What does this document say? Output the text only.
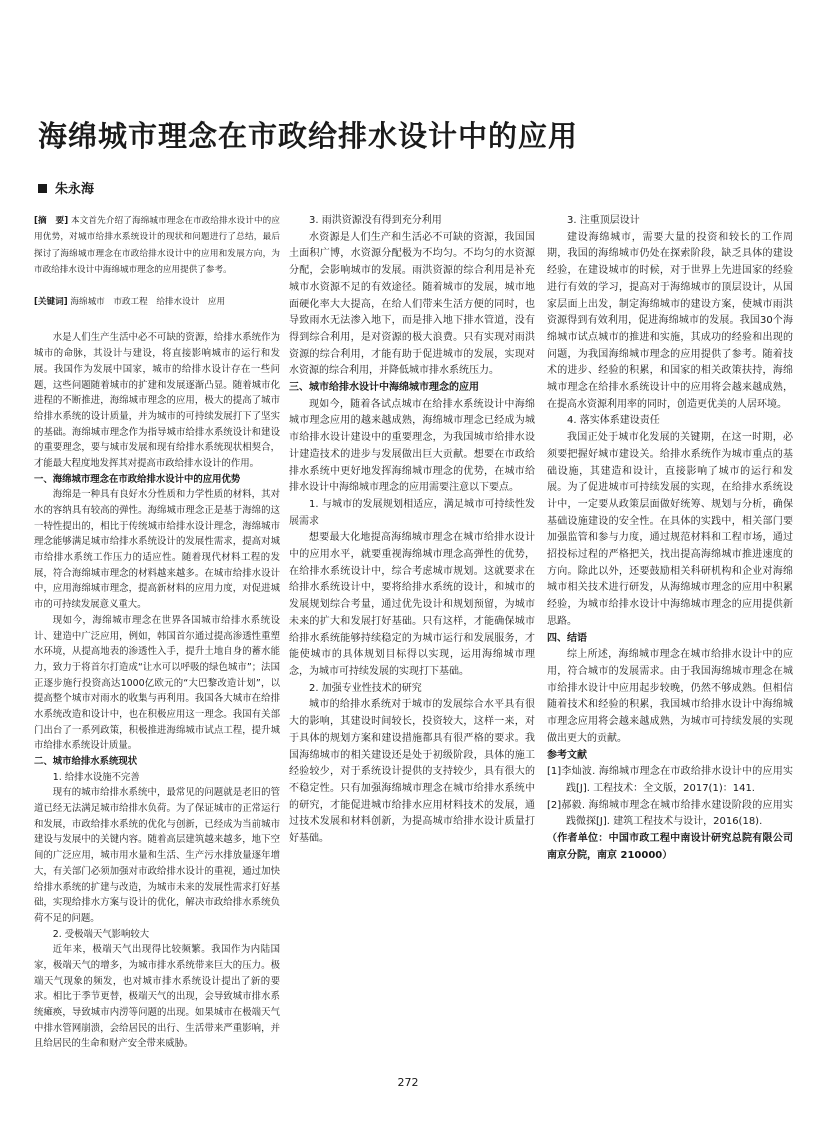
海绵城市理念在市政给排水设计中的应用
朱永海

[摘　要] 本文首先介绍了海绵城市理念在市政给排水设计中的应用优势，对城市给排水系统设计的现状和问题进行了总结，最后探讨了海绵城市理念在市政给排水设计中的应用和发展方向，为市政给排水设计中海绵城市理念的应用提供了参考。

[关键词] 海绵城市　市政工程　给排水设计　应用

水是人们生产生活中必不可缺的资源，给排水系统作为城市的命脉，其设计与建设，将直接影响城市的运行和发展。我国作为发展中国家，城市的给排水设计存在一些问题，这些问题随着城市的扩建和发展逐渐凸显。随着城市化进程的不断推进，海绵城市理念的应用，极大的提高了城市给排水系统的设计质量，并为城市的可持续发展打下了坚实的基础。海绵城市理念作为指导城市给排水系统设计和建设的重要理念，要与城市发展和现有给排水系统现状相契合，才能最大程度地发挥其对提高市政给排水设计的作用。

一、海绵城市理念在市政给排水设计中的应用优势

海绵是一种具有良好水分性质和力学性质的材料，其对水的容纳具有较高的弹性。海绵城市理念正是基于海绵的这一特性提出的，相比于传统城市给排水设计理念，海绵城市理念能够满足城市给排水系统设计的发展性需求，提高对城市给排水系统工作压力的适应性。随着现代材料工程的发展，符合海绵城市理念的材料越来越多。在城市给排水设计中，应用海绵城市理念，提高新材料的应用力度，对促进城市的可持续发展意义重大。

现如今，海绵城市理念在世界各国城市给排水系统设计、建造中广泛应用，例如，韩国首尔通过提高渗透性重塑水环境，从提高地表的渗透性入手，提升土地自身的蓄水能力，致力于将首尔打造成“让水可以呼吸的绿色城市”；法国正逐步施行投资高达1000亿欧元的“大巴黎改造计划”，以提高整个城市对雨水的收集与再利用。我国各大城市在给排水系统改造和设计中，也在积极应用这一理念。我国有关部门出台了一系列政策，积极推进海绵城市试点工程，提升城市给排水系统设计质量。

二、城市给排水系统现状

1. 给排水设施不完善

现有的城市给排水系统中，最常见的问题就是老旧的管道已经无法满足城市给排水负荷。为了保证城市的正常运行和发展，市政给排水系统的优化与创新，已经成为当前城市建设与发展中的关键内容。随着高层建筑越来越多，地下空间的广泛应用，城市用水量和生活、生产污水排放量逐年增大，有关部门必须加强对市政给排水设计的重视，通过加快给排水系统的扩建与改造，为城市未来的发展性需求打好基础，实现给排水方案与设计的优化，解决市政给排水系统负荷不足的问题。

2. 受极端天气影响较大

近年来，极端天气出现得比较频繁。我国作为内陆国家，极端天气的增多，为城市排水系统带来巨大的压力。极端天气现象的频发，也对城市排水系统设计提出了新的要求。相比于季节更替，极端天气的出现，会导致城市排水系统瘫痪，导致城市内涝等问题的出现。如果城市在极端天气中排水管网崩溃，会给居民的出行、生活带来严重影响，并且给居民的生命和财产安全带来威胁。

3. 雨洪资源没有得到充分利用

水资源是人们生产和生活必不可缺的资源，我国国土面积广博，水资源分配极为不均匀。不均匀的水资源分配，会影响城市的发展。雨洪资源的综合利用是补充城市水资源不足的有效途径。随着城市的发展，城市地面硬化率大大提高，在给人们带来生活方便的同时，也导致雨水无法渗入地下，而是排入地下排水管道，没有得到综合利用，是对资源的极大浪费。只有实现对雨洪资源的综合利用，才能有助于促进城市的发展，实现对水资源的综合利用，并降低城市排水系统压力。

三、城市给排水设计中海绵城市理念的应用

现如今，随着各试点城市在给排水系统设计中海绵城市理念应用的越来越成熟，海绵城市理念已经成为城市给排水设计建设中的重要理念，为我国城市给排水设计建造技术的进步与发展做出巨大贡献。想要在市政给排水系统中更好地发挥海绵城市理念的优势，在城市给排水设计中海绵城市理念的应用需要注意以下要点。

1. 与城市的发展规划相适应，满足城市可持续性发展需求

想要最大化地提高海绵城市理念在城市给排水设计中的应用水平，就要重视海绵城市理念高弹性的优势，在给排水系统设计中，综合考虑城市规划。这就要求在给排水系统设计中，要将给排水系统的设计，和城市的发展规划综合考量，通过优先设计和规划预留，为城市未来的扩大和发展打好基础。只有这样，才能确保城市给排水系统能够持续稳定的为城市运行和发展服务，才能使城市的具体规划目标得以实现，运用海绵城市理念，为城市可持续发展的实现打下基础。

2. 加强专业性技术的研究

城市的给排水系统对于城市的发展综合水平具有很大的影响，其建设时间较长，投资较大，这样一来，对于具体的规划方案和建设措施都具有很严格的要求。我国海绵城市的相关建设还是处于初级阶段，具体的施工经验较少，对于系统设计提供的支持较少，具有很大的不稳定性。只有加强海绵城市理念在城市给排水系统中的研究，才能促进城市给排水应用材料技术的发展，通过技术发展和材料创新，为提高城市给排水设计质量打好基础。

3. 注重顶层设计

建设海绵城市，需要大量的投资和较长的工作周期，我国的海绵城市仍处在探索阶段，缺乏具体的建设经验，在建设城市的时候，对于世界上先进国家的经验进行有效的学习，提高对于海绵城市的顶层设计，从国家层面上出发，制定海绵城市的建设方案，使城市雨洪资源得到有效利用，促进海绵城市的发展。我国30个海绵城市试点城市的推进和实施，其成功的经验和出现的问题，为我国海绵城市理念的应用提供了参考。随着技术的进步、经验的积累，和国家的相关政策扶持，海绵城市理念在给排水系统设计中的应用将会越来越成熟，在提高水资源利用率的同时，创造更优美的人居环境。

4. 落实体系建设责任

我国正处于城市化发展的关键期，在这一时期，必须要把握好城市建设关。给排水系统作为城市重点的基础设施，其建造和设计，直接影响了城市的运行和发展。为了促进城市可持续发展的实现，在给排水系统设计中，一定要从政策层面做好统筹、规划与分析，确保基础设施建设的安全性。在具体的实践中，相关部门要加强监管和参与力度，通过规范材料和工程市场，通过招投标过程的严格把关，找出提高海绵城市推进速度的方向。除此以外，还要鼓励相关科研机构和企业对海绵城市相关技术进行研发，从海绵城市理念的应用中积累经验，为城市给排水设计中海绵城市理念的应用提供新思路。

四、结语

综上所述，海绵城市理念在城市给排水设计中的应用，符合城市的发展需求。由于我国海绵城市理念在城市给排水设计中应用起步较晚，仍然不够成熟。但相信随着技术和经验的积累，我国城市给排水设计中海绵城市理念应用将会越来越成熟，为城市可持续发展的实现做出更大的贡献。

参考文献

[1]李灿波. 海绵城市理念在市政给排水设计中的应用实践[J]. 工程技术：全文版，2017(1)：141.

[2]郝毅. 海绵城市理念在城市给排水建设阶段的应用实践微探[J]. 建筑工程技术与设计，2016(18).

（作者单位：中国市政工程中南设计研究总院有限公司南京分院，南京 210000）

272
